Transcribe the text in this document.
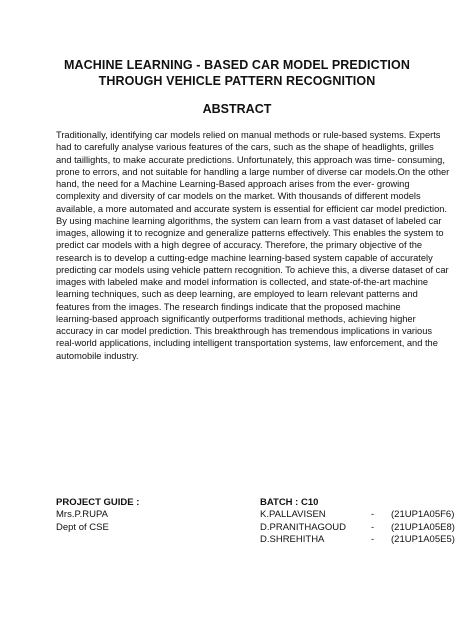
MACHINE LEARNING - BASED CAR MODEL PREDICTION
THROUGH VEHICLE PATTERN RECOGNITION
ABSTRACT
Traditionally, identifying car models relied on manual methods or rule-based systems. Experts
had to carefully analyse various features of the cars, such as the shape of headlights, grilles
and taillights, to make accurate predictions. Unfortunately, this approach was time- consuming,
prone to errors, and not suitable for handling a large number of diverse car models.On the other
hand, the need for a Machine Learning-Based approach arises from the ever- growing
complexity and diversity of car models on the market. With thousands of different models
available, a more automated and accurate system is essential for efficient car model prediction.
By using machine learning algorithms, the system can learn from a vast dataset of labeled car
images, allowing it to recognize and generalize patterns effectively. This enables the system to
predict car models with a high degree of accuracy. Therefore, the primary objective of the
research is to develop a cutting-edge machine learning-based system capable of accurately
predicting car models using vehicle pattern recognition. To achieve this, a diverse dataset of car
images with labeled make and model information is collected, and state-of-the-art machine
learning techniques, such as deep learning, are employed to learn relevant patterns and
features from the images. The research findings indicate that the proposed machine
learning-based approach significantly outperforms traditional methods, achieving higher
accuracy in car model prediction. This breakthrough has tremendous implications in various
real-world applications, including intelligent transportation systems, law enforcement, and the
automobile industry.
PROJECT GUIDE :
Mrs.P.RUPA
Dept of CSE
BATCH : C10
K.PALLAVISEN	- (21UP1A05F6)
D.PRANITHAGOUD	- (21UP1A05E8)
D.SHREHITHA	- (21UP1A05E5)
